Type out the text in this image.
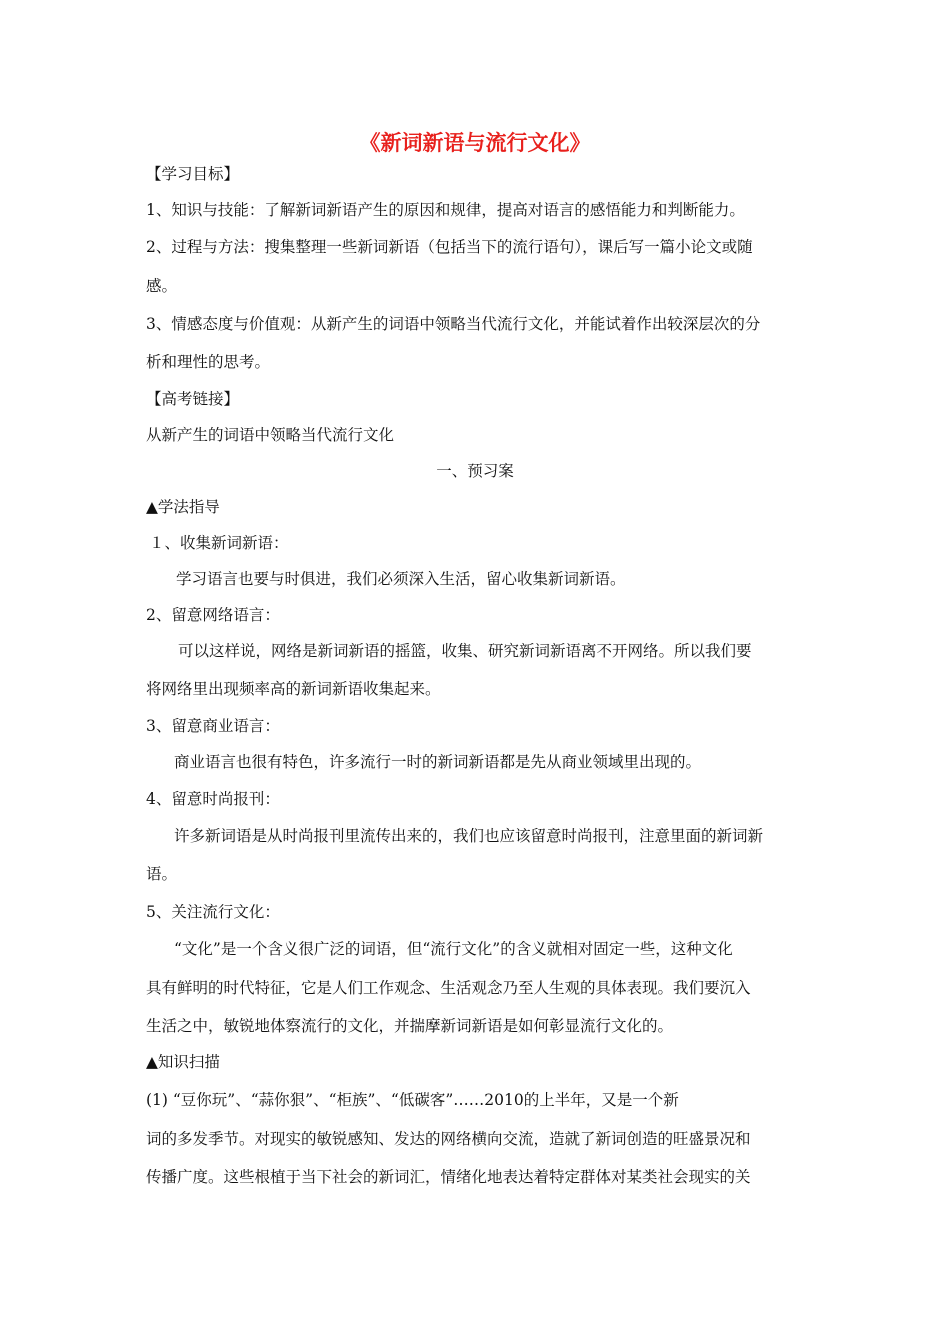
《新词新语与流行文化》
【学习目标】
1、知识与技能：了解新词新语产生的原因和规律，提高对语言的感悟能力和判断能力。
2、过程与方法：搜集整理一些新词新语（包括当下的流行语句），课后写一篇小论文或随
感。
3、情感态度与价值观：从新产生的词语中领略当代流行文化，并能试着作出较深层次的分
析和理性的思考。
【高考链接】
从新产生的词语中领略当代流行文化
一、预习案
▲学法指导
１、收集新词新语：
学习语言也要与时俱进，我们必须深入生活，留心收集新词新语。
2、留意网络语言：
可以这样说，网络是新词新语的摇篮，收集、研究新词新语离不开网络。所以我们要
将网络里出现频率高的新词新语收集起来。
3、留意商业语言：
商业语言也很有特色，许多流行一时的新词新语都是先从商业领域里出现的。
4、留意时尚报刊：
许多新词语是从时尚报刊里流传出来的，我们也应该留意时尚报刊，注意里面的新词新
语。
5、关注流行文化：
“文化”是一个含义很广泛的词语，但“流行文化”的含义就相对固定一些，这种文化
具有鲜明的时代特征，它是人们工作观念、生活观念乃至人生观的具体表现。我们要沉入
生活之中，敏锐地体察流行的文化，并揣摩新词新语是如何彰显流行文化的。
▲知识扫描
(1) “豆你玩”、“蒜你狠”、“柜族”、“低碳客”……2010的上半年，又是一个新
词的多发季节。对现实的敏锐感知、发达的网络横向交流，造就了新词创造的旺盛景况和
传播广度。这些根植于当下社会的新词汇，情绪化地表达着特定群体对某类社会现实的关
